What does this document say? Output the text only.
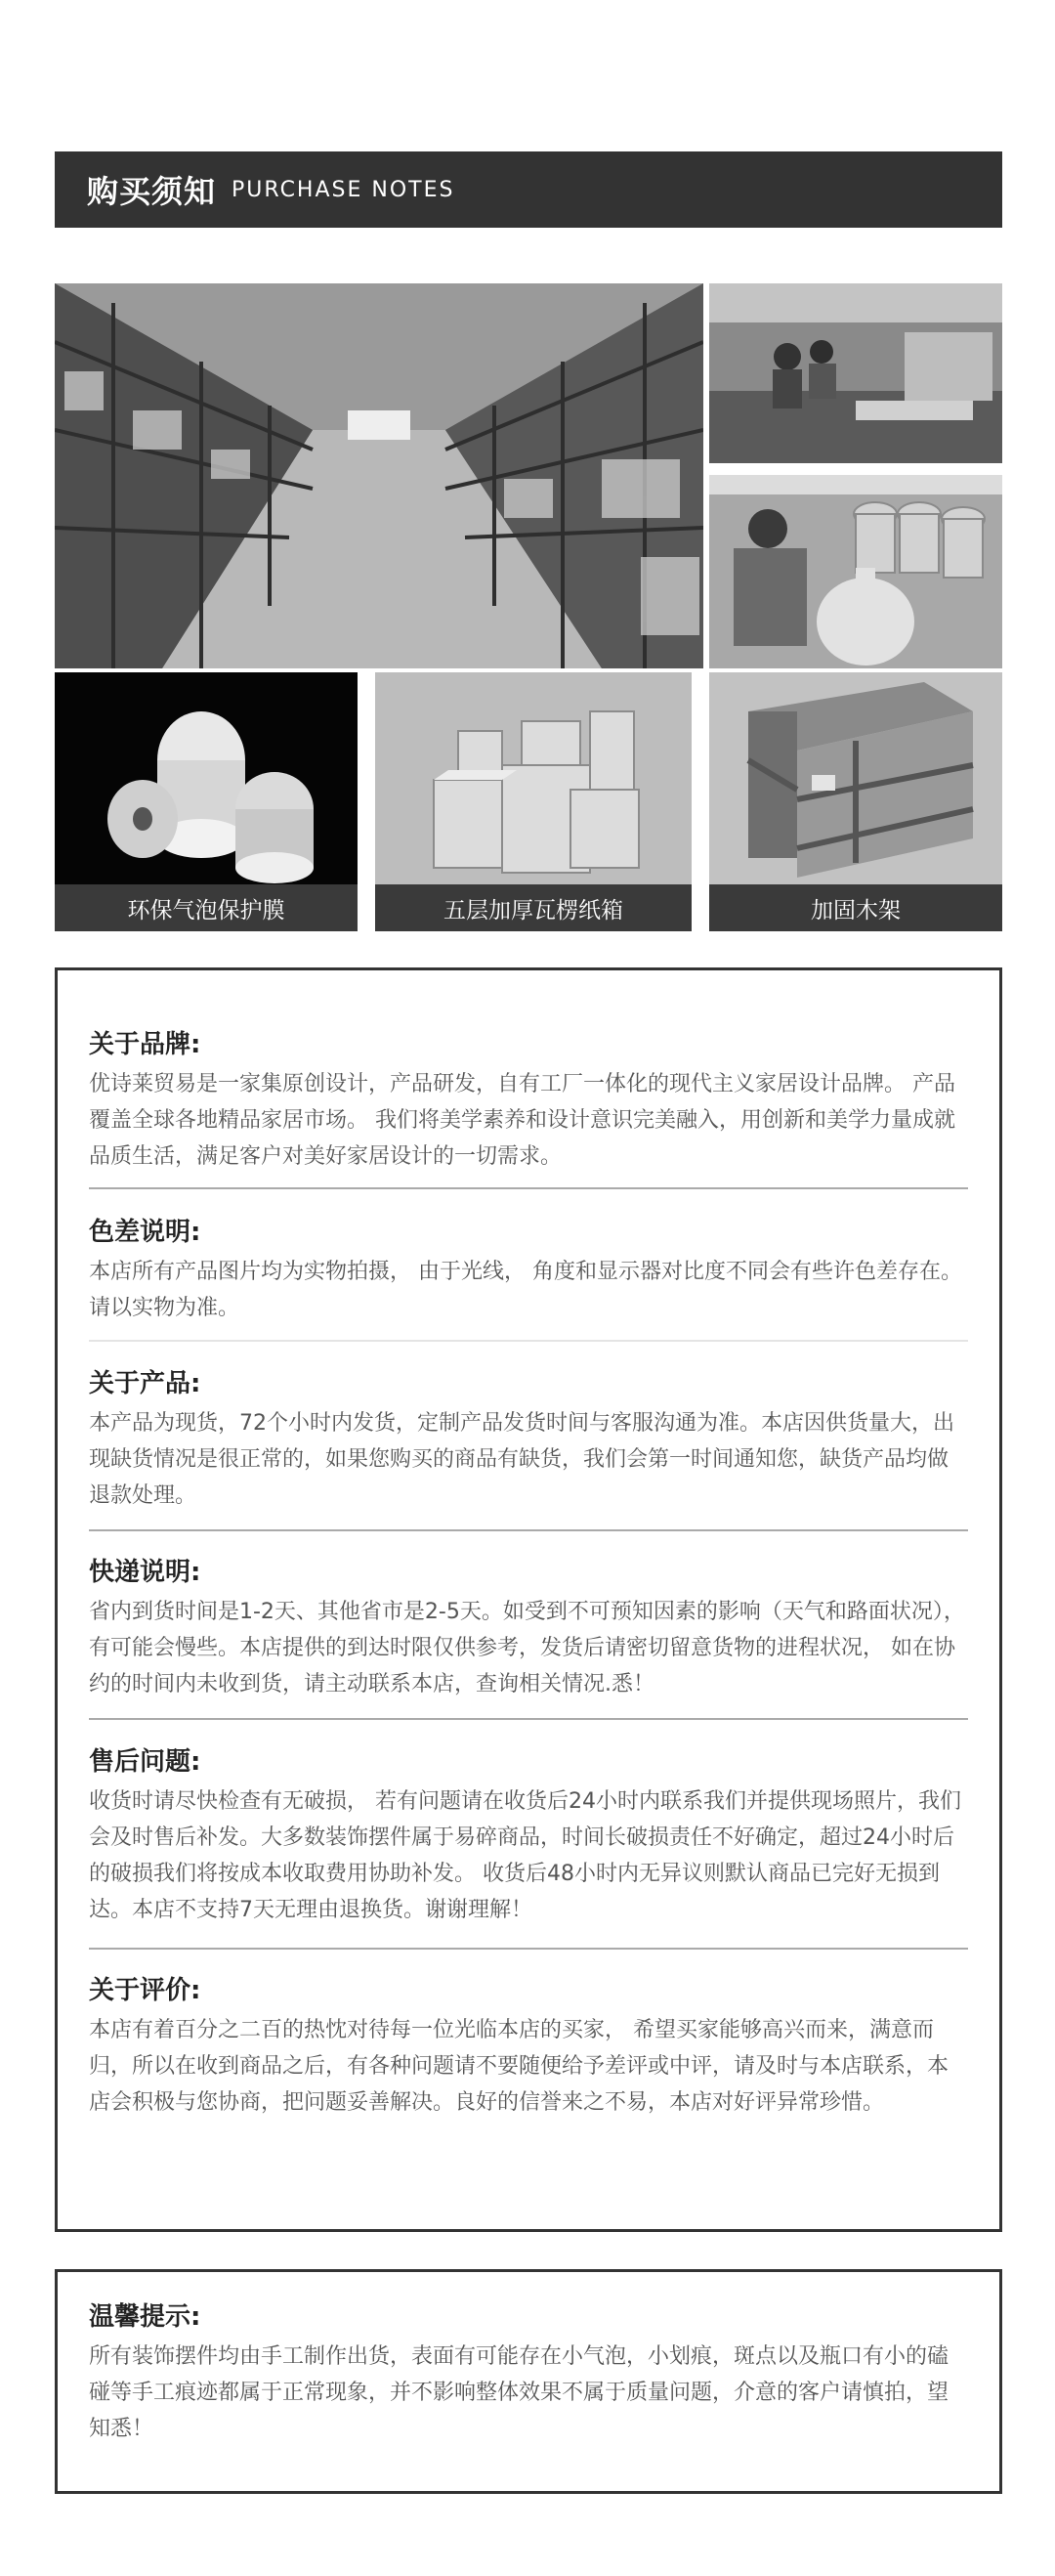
购买须知 PURCHASE NOTES
环保气泡保护膜	五层加厚瓦楞纸箱	加固木架
关于品牌:

优诗莱贸易是一家集原创设计，产品研发，自有工厂一体化的现代主义家居设计品牌。 产品覆盖全球各地精品家居市场。 我们将美学素养和设计意识完美融入，用创新和美学力量成就品质生活，满足客户对美好家居设计的一切需求。

色差说明:

本店所有产品图片均为实物拍摄， 由于光线， 角度和显示器对比度不同会有些许色差存在。请以实物为准。

关于产品:

本产品为现货，72个小时内发货，定制产品发货时间与客服沟通为准。本店因供货量大，出现缺货情况是很正常的，如果您购买的商品有缺货，我们会第一时间通知您，缺货产品均做退款处理。

快递说明:

省内到货时间是1-2天、其他省市是2-5天。如受到不可预知因素的影响（天气和路面状况），有可能会慢些。本店提供的到达时限仅供参考，发货后请密切留意货物的进程状况， 如在协约的时间内未收到货，请主动联系本店，查询相关情况.悉！

售后问题:

收货时请尽快检查有无破损， 若有问题请在收货后24小时内联系我们并提供现场照片，我们会及时售后补发。大多数装饰摆件属于易碎商品，时间长破损责任不好确定，超过24小时后的破损我们将按成本收取费用协助补发。 收货后48小时内无异议则默认商品已完好无损到达。本店不支持7天无理由退换货。谢谢理解！

关于评价:

本店有着百分之二百的热忱对待每一位光临本店的买家， 希望买家能够高兴而来，满意而归，所以在收到商品之后，有各种问题请不要随便给予差评或中评，请及时与本店联系，本店会积极与您协商，把问题妥善解决。良好的信誉来之不易，本店对好评异常珍惜。

温馨提示:

所有装饰摆件均由手工制作出货，表面有可能存在小气泡，小划痕，斑点以及瓶口有小的磕碰等手工痕迹都属于正常现象，并不影响整体效果不属于质量问题，介意的客户请慎拍，望知悉！
